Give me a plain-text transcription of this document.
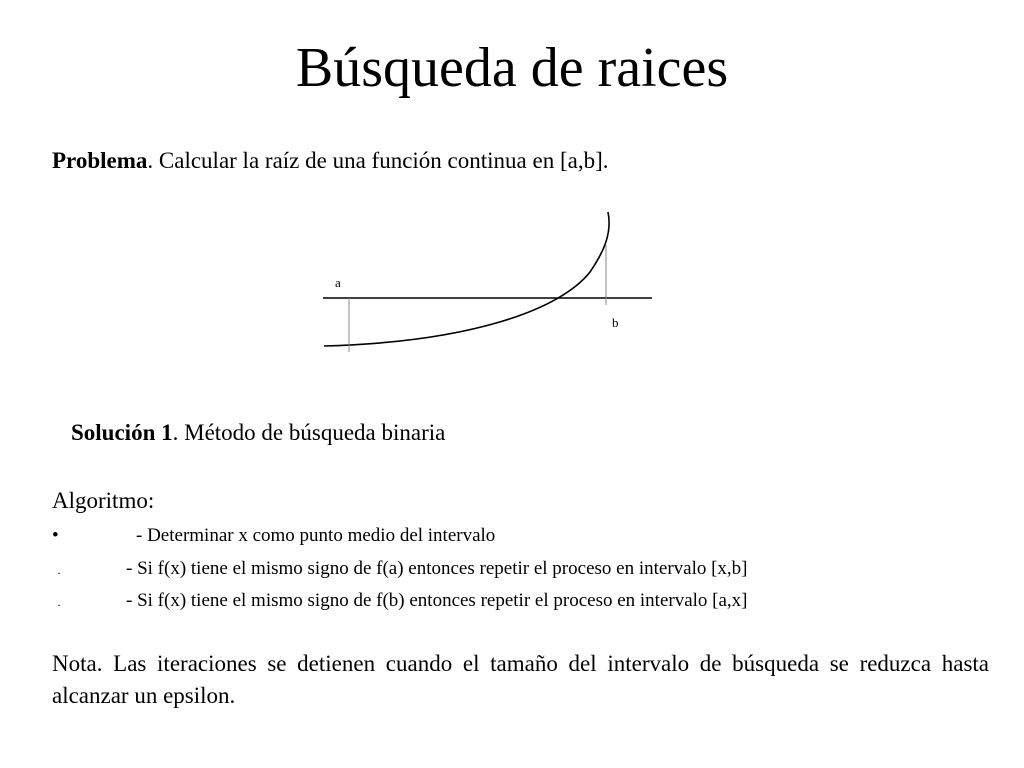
Búsqueda de raices
Problema. Calcular la raíz de una función continua en [a,b].
a
b
Solución 1. Método de búsqueda binaria
Algoritmo:
•	- Determinar x como punto medio del intervalo
·	- Si f(x) tiene el mismo signo de f(a) entonces repetir el proceso en intervalo [x,b]
·	- Si f(x) tiene el mismo signo de f(b) entonces repetir el proceso en intervalo [a,x]
Nota. Las iteraciones se detienen cuando el tamaño del intervalo de búsqueda se reduzca hasta alcanzar un epsilon.
